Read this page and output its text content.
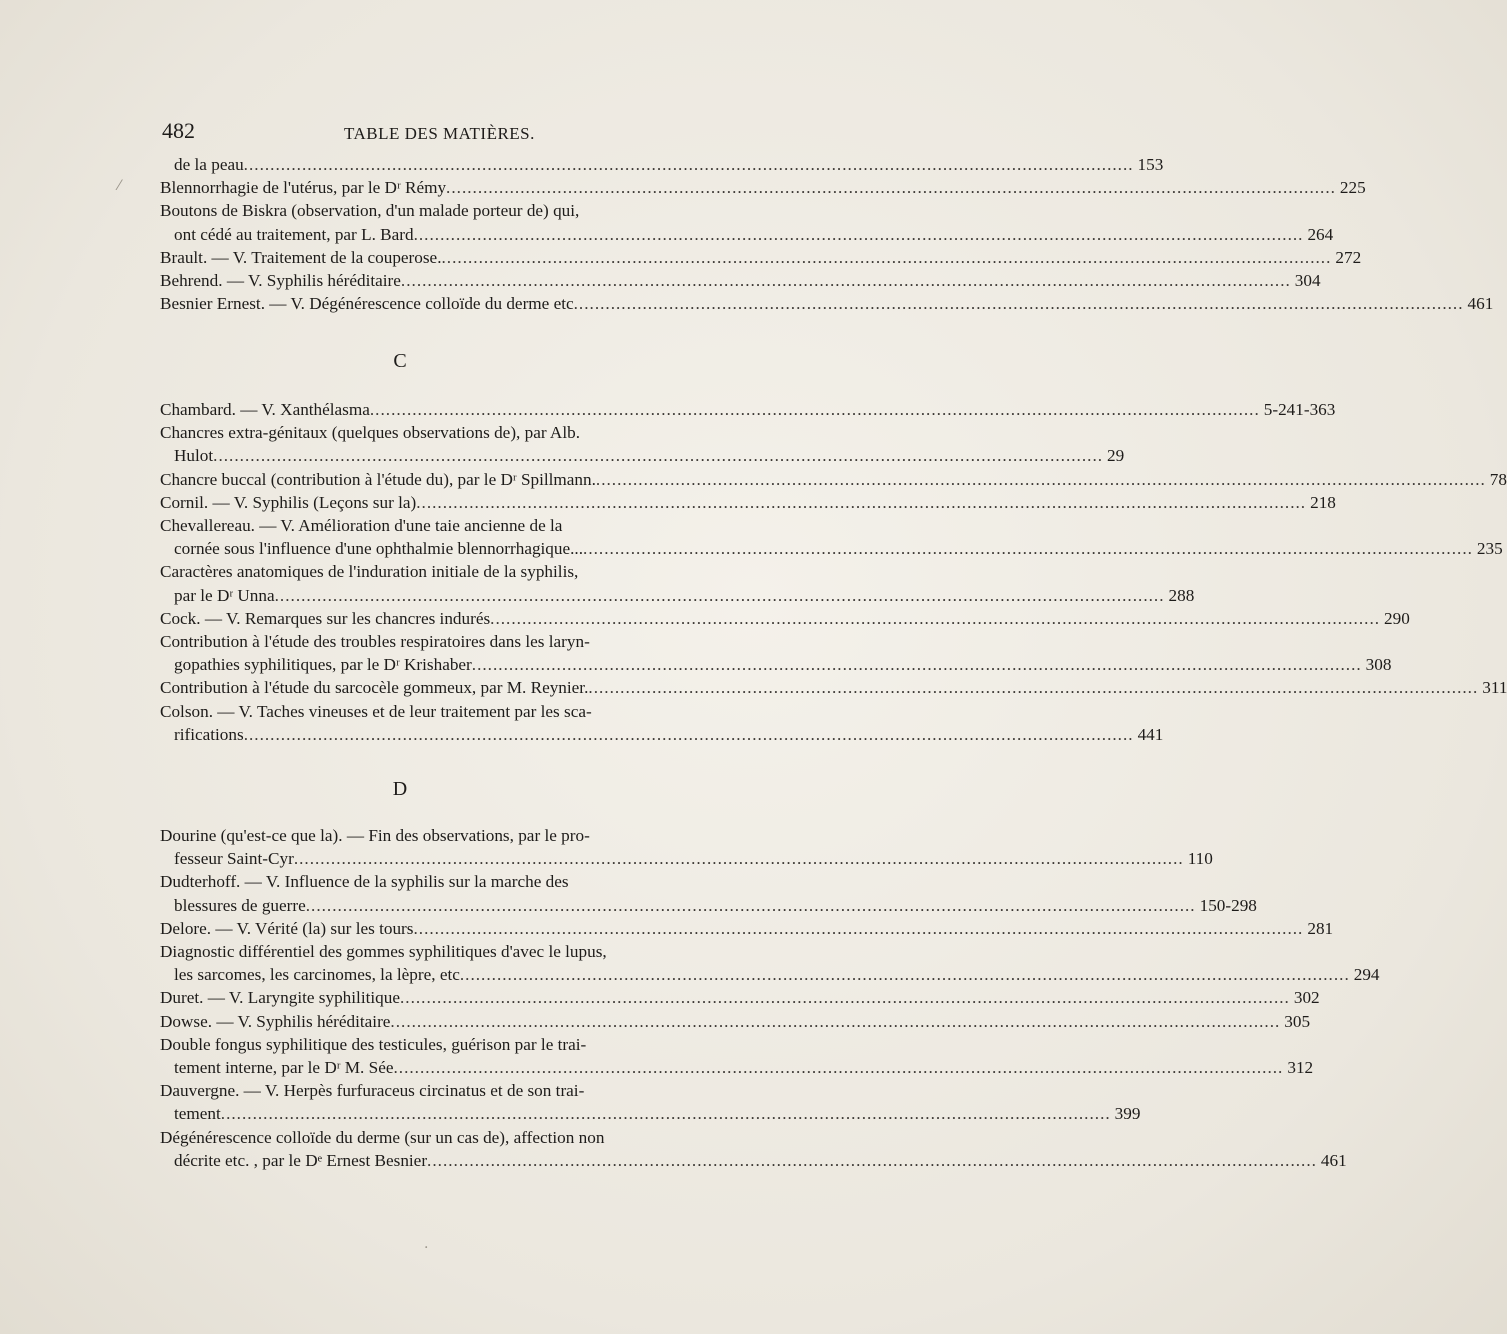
482	TABLE DES MATIÈRES.
de la peau .....	153
Blennorrhagie de l'utérus, par le Dʳ Rémy .....	225
Boutons de Biskra (observation, d'un malade porteur de) qui,
ont cédé au traitement, par L. Bard .....	264
Brault. — V. Traitement de la couperose. .....	272
Behrend. — V. Syphilis héréditaire .....	304
Besnier Ernest. — V. Dégénérescence colloïde du derme etc .....	461
C
Chambard. — V. Xanthélasma .....	5-241-363
Chancres extra-génitaux (quelques observations de), par Alb.
Hulot .....	29
Chancre buccal (contribution à l'étude du), par le Dʳ Spillmann. .....	78
Cornil. — V. Syphilis (Leçons sur la) .....	218
Chevallereau. — V. Amélioration d'une taie ancienne de la
cornée sous l'influence d'une ophthalmie blennorrhagique... .....	235
Caractères anatomiques de l'induration initiale de la syphilis,
par le Dʳ Unna .....	288
Cock. — V. Remarques sur les chancres indurés .....	290
Contribution à l'étude des troubles respiratoires dans les laryn-
gopathies syphilitiques, par le Dʳ Krishaber .....	308
Contribution à l'étude du sarcocèle gommeux, par M. Reynier. .....	311
Colson. — V. Taches vineuses et de leur traitement par les sca-
rifications .....	441
D
Dourine (qu'est-ce que la). — Fin des observations, par le pro-
fesseur Saint-Cyr .....	110
Dudterhoff. — V. Influence de la syphilis sur la marche des
blessures de guerre .....	150-298
Delore. — V. Vérité (la) sur les tours .....	281
Diagnostic différentiel des gommes syphilitiques d'avec le lupus,
les sarcomes, les carcinomes, la lèpre, etc .....	294
Duret. — V. Laryngite syphilitique .....	302
Dowse. — V. Syphilis héréditaire .....	305
Double fongus syphilitique des testicules, guérison par le trai-
tement interne, par le Dʳ M. Sée .....	312
Dauvergne. — V. Herpès furfuraceus circinatus et de son trai-
tement .....	399
Dégénérescence colloïde du derme (sur un cas de), affection non
décrite etc. , par le Dᵉ Ernest Besnier .....	461
⁄
·
